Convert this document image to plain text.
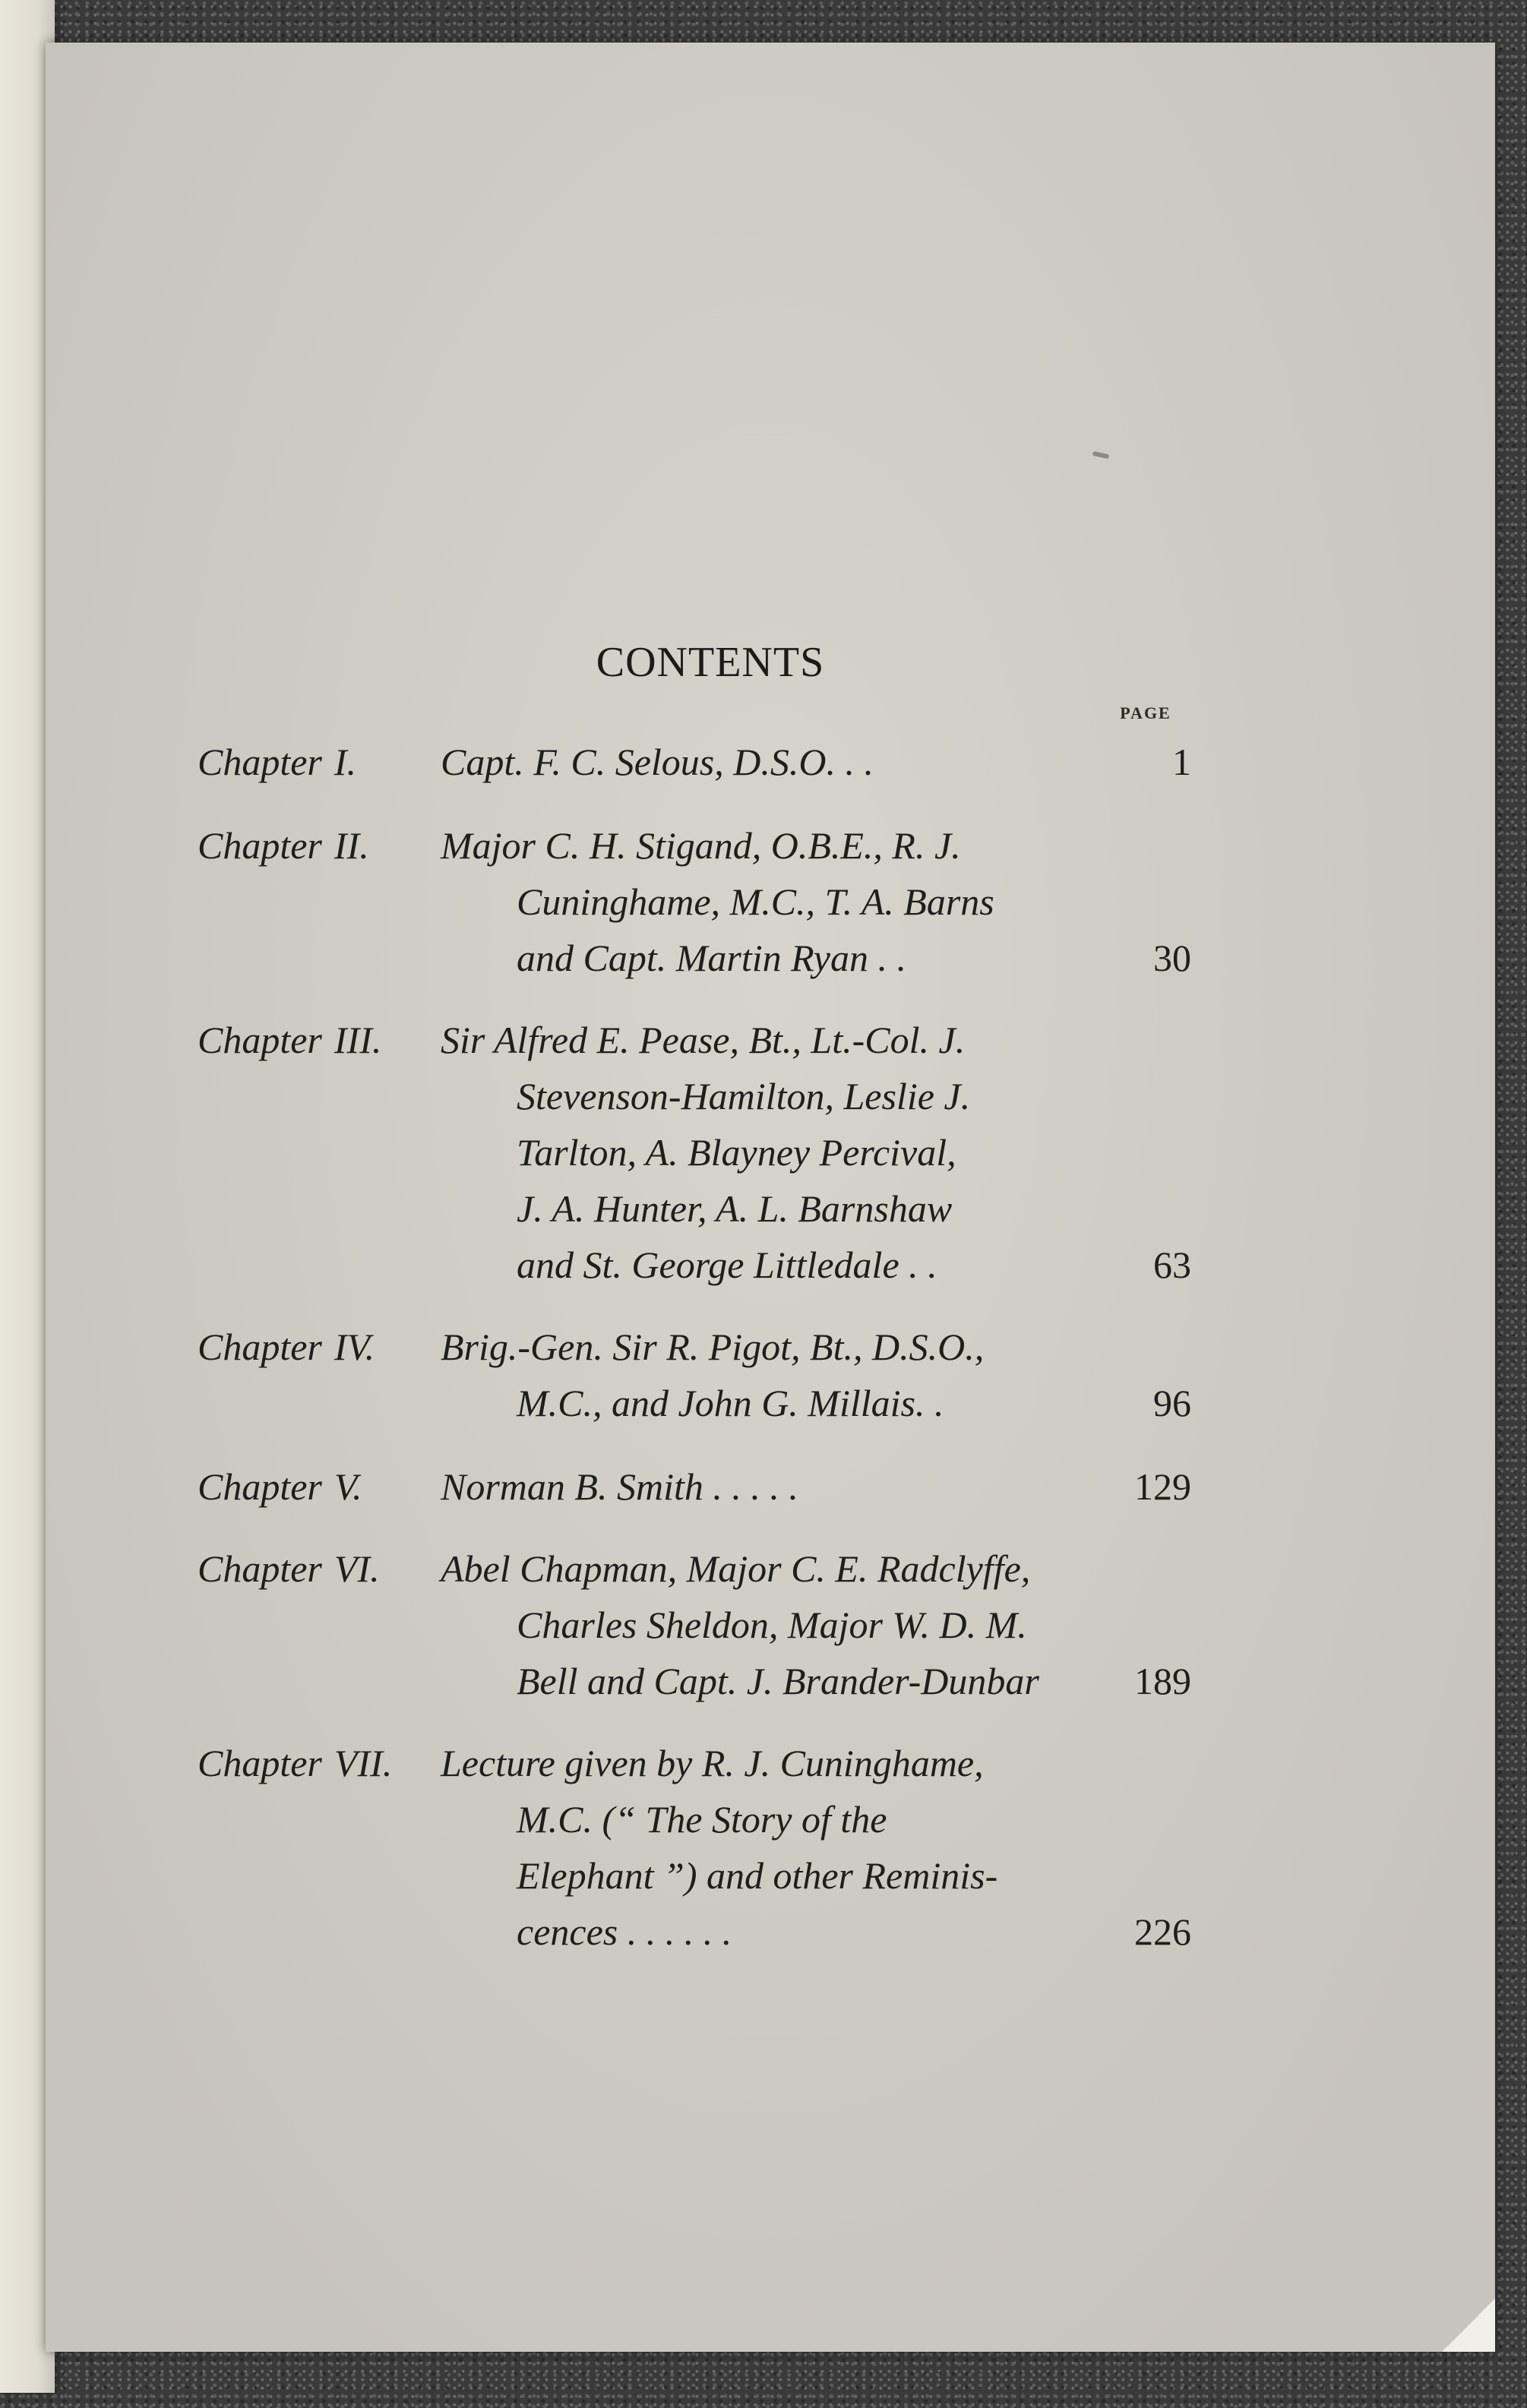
CONTENTS
PAGE
Chapter I.	Capt. F. C. Selous, D.S.O. . .	1
Chapter II.	Major C. H. Stigand, O.B.E., R. J.
Cuninghame, M.C., T. A. Barns
and Capt. Martin Ryan . .	30
Chapter III.	Sir Alfred E. Pease, Bt., Lt.-Col. J.
Stevenson-Hamilton, Leslie J.
Tarlton, A. Blayney Percival,
J. A. Hunter, A. L. Barnshaw
and St. George Littledale . .	63
Chapter IV.	Brig.-Gen. Sir R. Pigot, Bt., D.S.O.,
M.C., and John G. Millais. .	96
Chapter V.	Norman B. Smith . . . . .	129
Chapter VI.	Abel Chapman, Major C. E. Radclyffe,
Charles Sheldon, Major W. D. M.
Bell and Capt. J. Brander-Dunbar	189
Chapter VII.	Lecture given by R. J. Cuninghame,
M.C. (“ The Story of the
Elephant ”) and other Reminis-
cences . . . . . .	226
